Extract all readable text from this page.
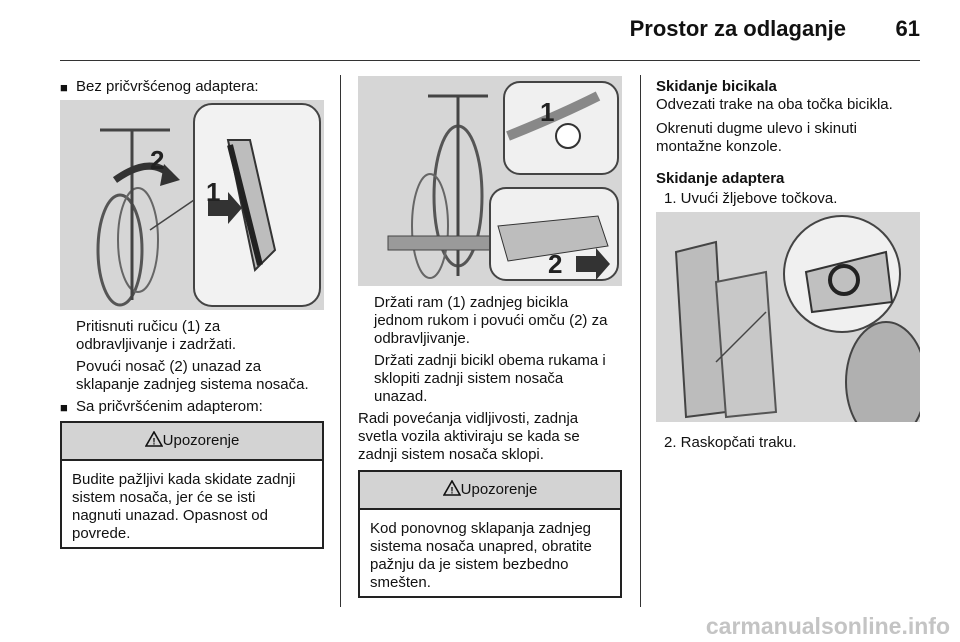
Prostor za odlaganje	61
■ Bez pričvršćenog adaptera:

2
1

Pritisnuti ručicu (1) za

odbravljivanje i zadržati.

Povući nosač (2) unazad za

sklapanje zadnjeg sistema nosača.

■ Sa pričvršćenim adapterom:

! Upozorenje

Budite pažljivi kada skidate zadnji

sistem nosača, jer će se isti

nagnuti unazad. Opasnost od

povrede.

1
2

Držati ram (1) zadnjeg bicikla

jednom rukom i povući omču (2) za

odbravljivanje.

Držati zadnji bicikl obema rukama i

sklopiti zadnji sistem nosača

unazad.

Radi povećanja vidljivosti, zadnja

svetla vozila aktiviraju se kada se

zadnji sistem nosača sklopi.

! Upozorenje

Kod ponovnog sklapanja zadnjeg

sistema nosača unapred, obratite

pažnju da je sistem bezbedno

smešten.

Skidanje bicikala

Odvezati trake na oba točka bicikla.

Okrenuti dugme ulevo i skinuti

montažne konzole.

Skidanje adaptera

1. Uvući žljebove točkova.

2. Raskopčati traku.

carmanualsonline.info
